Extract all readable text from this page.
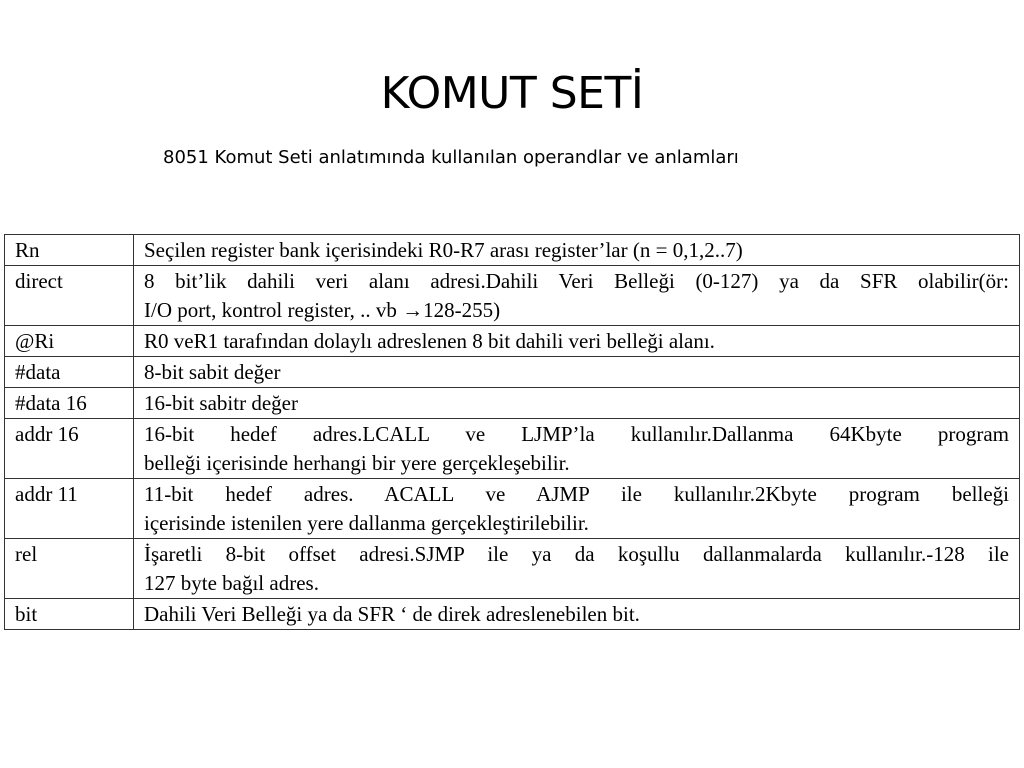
KOMUT SETİ

8051 Komut Seti anlatımında kullanılan operandlar ve anlamları

Rn	Seçilen register bank içerisindeki R0-R7 arası register’lar (n = 0,1,2..7)

direct	8 bit’lik dahili veri alanı adresi.Dahili Veri Belleği (0-127) ya da SFR olabilir(ör:
I/O port, kontrol register, .. vb →128-255)

@Ri	R0 veR1 tarafından dolaylı adreslenen 8 bit dahili veri belleği alanı.

#data	8-bit sabit değer

#data 16	16-bit sabitr değer

addr 16	16-bit hedef adres.LCALL ve LJMP’la kullanılır.Dallanma 64Kbyte program
belleği içerisinde herhangi bir yere gerçekleşebilir.

addr 11	11-bit hedef adres. ACALL ve AJMP ile kullanılır.2Kbyte program belleği
içerisinde istenilen yere dallanma gerçekleştirilebilir.

rel	İşaretli 8-bit offset adresi.SJMP ile ya da koşullu dallanmalarda kullanılır.-128 ile
127 byte bağıl adres.

bit	Dahili Veri Belleği ya da SFR ‘ de direk adreslenebilen bit.
